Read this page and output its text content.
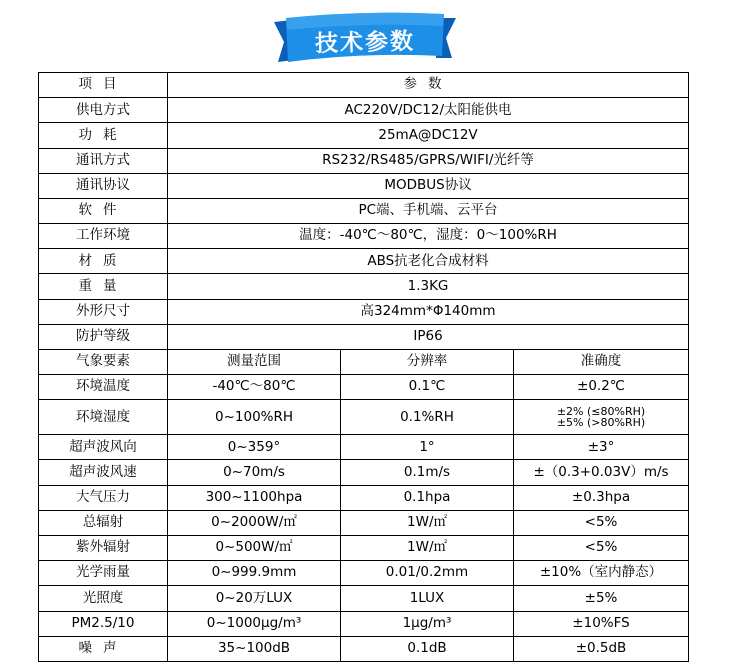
技术参数
项目	参数		
供电方式	AC220V/DC12/太阳能供电		
功耗	25mA@DC12V		
通讯方式	RS232/RS485/GPRS/WIFI/光纤等		
通讯协议	MODBUS协议		
软件	PC端、手机端、云平台		
工作环境	温度：-40℃～80℃，湿度：0～100%RH		
材质	ABS抗老化合成材料		
重量	1.3KG		
外形尺寸	高324mm*Φ140mm		
防护等级	IP66		
气象要素	测量范围	分辨率	准确度
环境温度	-40℃～80℃	0.1℃	±0.2℃
环境湿度	0~100%RH	0.1%RH	±2% (≤80%RH)
±5% (>80%RH)

超声波风向	0~359°	1°	±3°
超声波风速	0~70m/s	0.1m/s	±（0.3+0.03V）m/s
大气压力	300~1100hpa	0.1hpa	±0.3hpa
总辐射	0~2000W/㎡	1W/㎡	<5%
紫外辐射	0~500W/㎡	1W/㎡	<5%
光学雨量	0~999.9mm	0.01/0.2mm	±10%（室内静态）
光照度	0~20万LUX	1LUX	±5%
PM2.5/10	0~1000μg/m³	1μg/m³	±10%FS
噪声	35~100dB	0.1dB	±0.5dB
